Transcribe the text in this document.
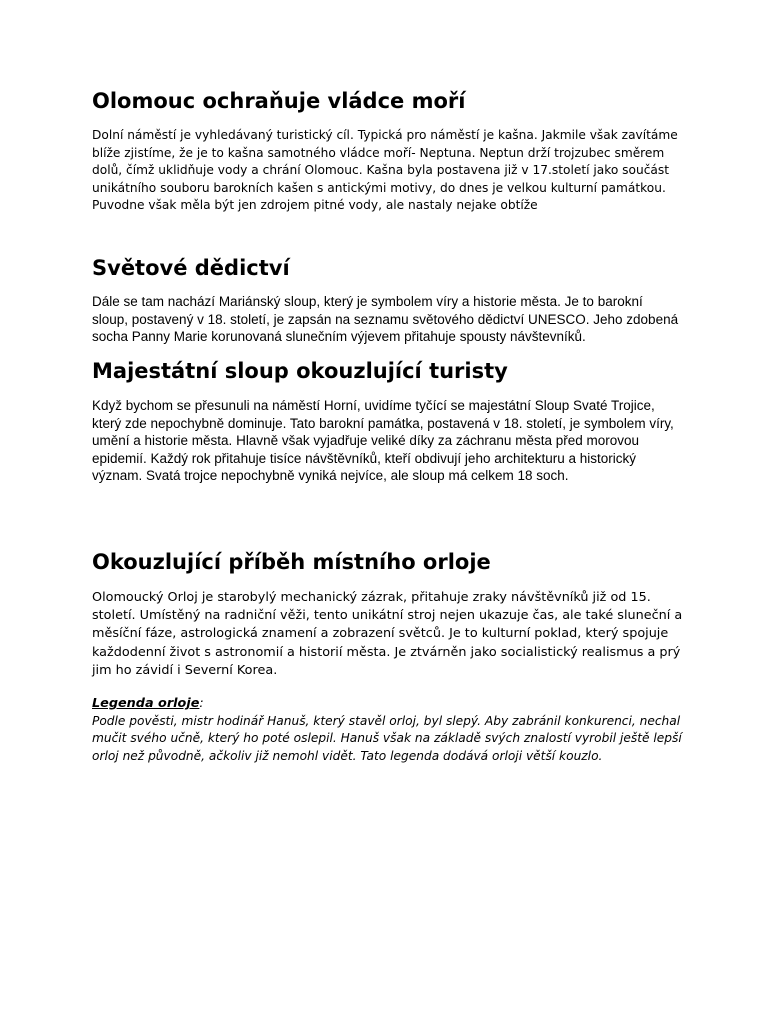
Olomouc ochraňuje vládce moří

Dolní náměstí je vyhledávaný turistický cíl. Typická pro náměstí je kašna. Jakmile však zavítáme blíže zjistíme, že je to kašna samotného vládce moří- Neptuna. Neptun drží trojzubec směrem dolů, čímž uklidňuje vody a chrání Olomouc. Kašna byla postavena již v 17.století jako součást unikátního souboru barokních kašen s antickými motivy, do dnes je velkou kulturní památkou. Puvodne však měla být jen zdrojem pitné vody, ale nastaly nejake obtíže

Světové dědictví

Dále se tam nachází Mariánský sloup, který je symbolem víry a historie města. Je to barokní sloup, postavený v 18. století, je zapsán na seznamu světového dědictví UNESCO. Jeho zdobená socha Panny Marie korunovaná slunečním výjevem přitahuje spousty návštevníků.

Majestátní sloup okouzlující turisty

Když bychom se přesunuli na náměstí Horní, uvidíme tyčící se majestátní Sloup Svaté Trojice, který zde nepochybně dominuje. Tato barokní památka, postavená v 18. století, je symbolem víry, umění a historie města. Hlavně však vyjadřuje veliké díky za záchranu města před morovou epidemií. Každý rok přitahuje tisíce návštěvníků, kteří obdivují jeho architekturu a historický význam. Svatá trojce nepochybně vyniká nejvíce, ale sloup má celkem 18 soch.

Okouzlující příběh místního orloje

Olomoucký Orloj je starobylý mechanický zázrak, přitahuje zraky návštěvníků již od 15. století. Umístěný na radniční věži, tento unikátní stroj nejen ukazuje čas, ale také sluneční a měsíční fáze, astrologická znamení a zobrazení světců. Je to kulturní poklad, který spojuje každodenní život s astronomií a historií města. Je ztvárněn jako socialistický realismus a prý jim ho závidí i Severní Korea.

Legenda orloje:

Podle pověsti, mistr hodinář Hanuš, který stavěl orloj, byl slepý. Aby zabránil konkurenci, nechal mučit svého učně, který ho poté oslepil. Hanuš však na základě svých znalostí vyrobil ještě lepší orloj než původně, ačkoliv již nemohl vidět. Tato legenda dodává orloji větší kouzlo.
